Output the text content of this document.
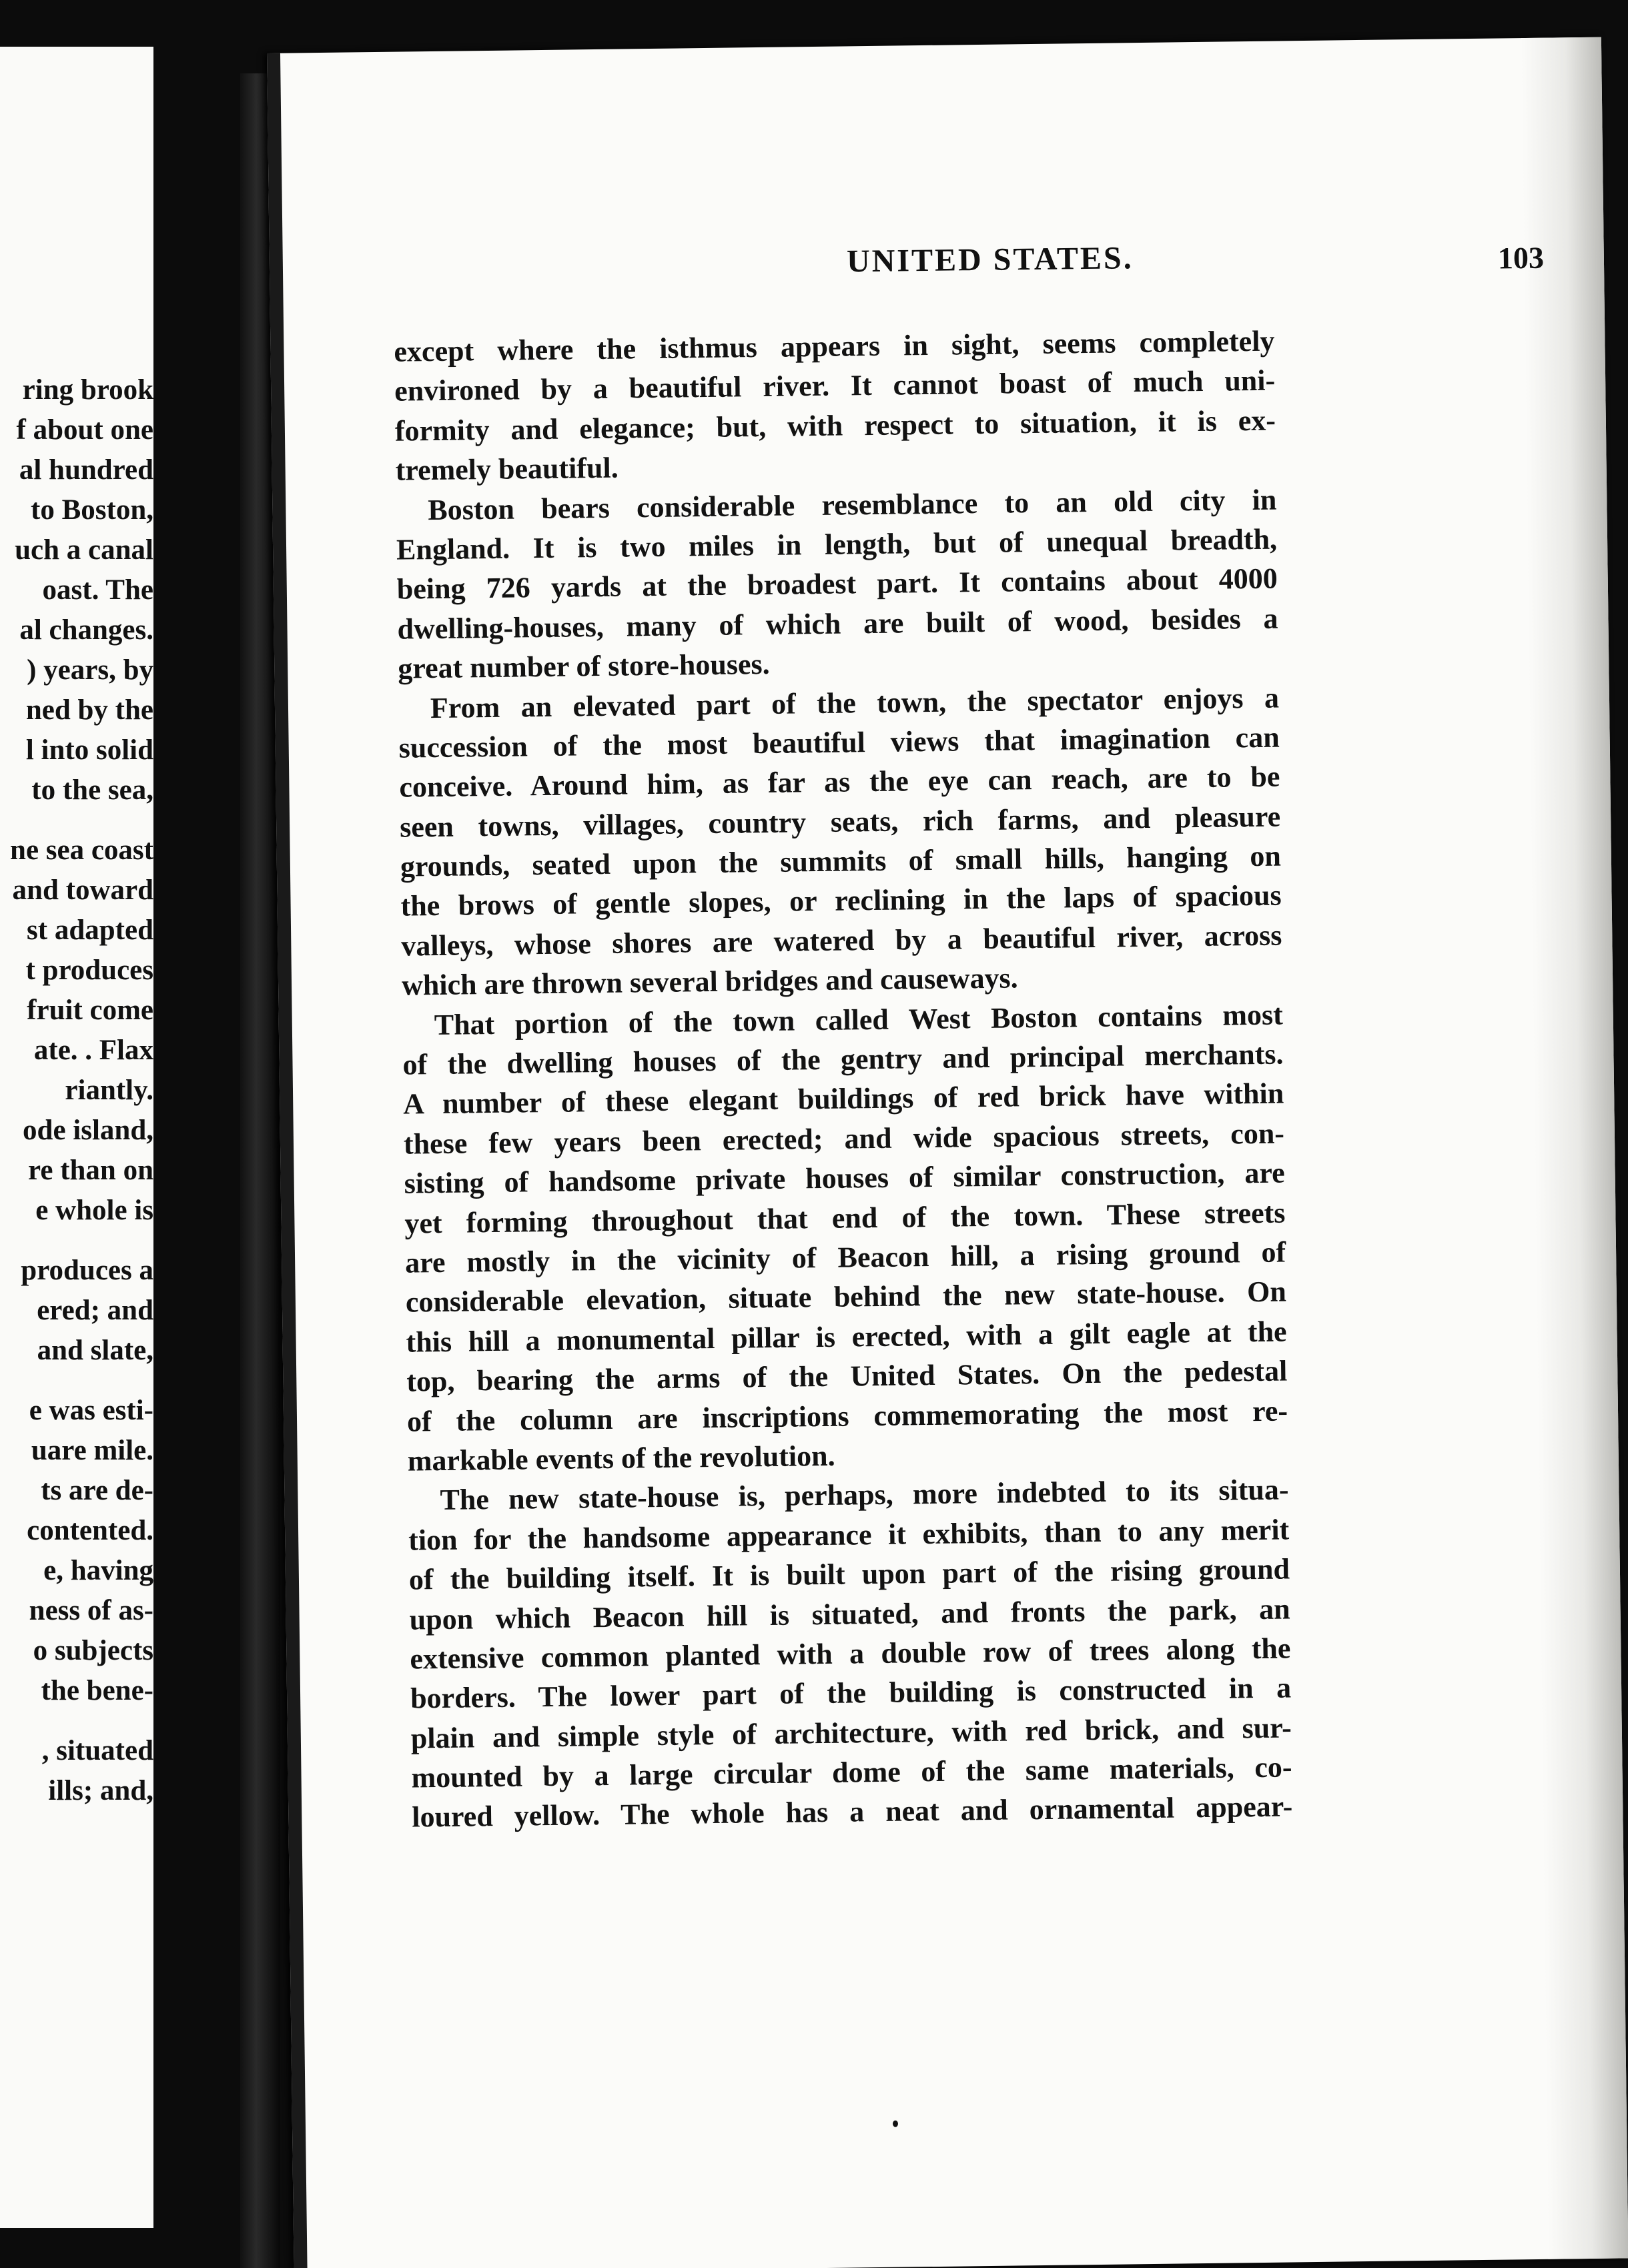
ring brook
f about one
al hundred
to Boston,
uch a canal
oast. The
al changes.
) years, by
ned by the
l into solid
to the sea,
ne sea coast
and toward
st adapted
t produces
fruit come
ate. . Flax
riantly.
ode island,
re than on
e whole is
produces a
ered; and
and slate,
e was esti-
uare mile.
ts are de-
contented.
e, having
ness of as-
o subjects
the bene-
, situated
ills; and,
UNITED STATES.	103
except where the isthmus appears in sight, seems completely
environed by a beautiful river. It cannot boast of much uni-
formity and elegance; but, with respect to situation, it is ex-
tremely beautiful.
Boston bears considerable resemblance to an old city in
England. It is two miles in length, but of unequal breadth,
being 726 yards at the broadest part. It contains about 4000
dwelling-houses, many of which are built of wood, besides a
great number of store-houses.
From an elevated part of the town, the spectator enjoys a
succession of the most beautiful views that imagination can
conceive. Around him, as far as the eye can reach, are to be
seen towns, villages, country seats, rich farms, and pleasure
grounds, seated upon the summits of small hills, hanging on
the brows of gentle slopes, or reclining in the laps of spacious
valleys, whose shores are watered by a beautiful river, across
which are thrown several bridges and causeways.
That portion of the town called West Boston contains most
of the dwelling houses of the gentry and principal merchants.
A number of these elegant buildings of red brick have within
these few years been erected; and wide spacious streets, con-
sisting of handsome private houses of similar construction, are
yet forming throughout that end of the town. These streets
are mostly in the vicinity of Beacon hill, a rising ground of
considerable elevation, situate behind the new state-house. On
this hill a monumental pillar is erected, with a gilt eagle at the
top, bearing the arms of the United States. On the pedestal
of the column are inscriptions commemorating the most re-
markable events of the revolution.
The new state-house is, perhaps, more indebted to its situa-
tion for the handsome appearance it exhibits, than to any merit
of the building itself. It is built upon part of the rising ground
upon which Beacon hill is situated, and fronts the park, an
extensive common planted with a double row of trees along the
borders. The lower part of the building is constructed in a
plain and simple style of architecture, with red brick, and sur-
mounted by a large circular dome of the same materials, co-
loured yellow. The whole has a neat and ornamental appear-
